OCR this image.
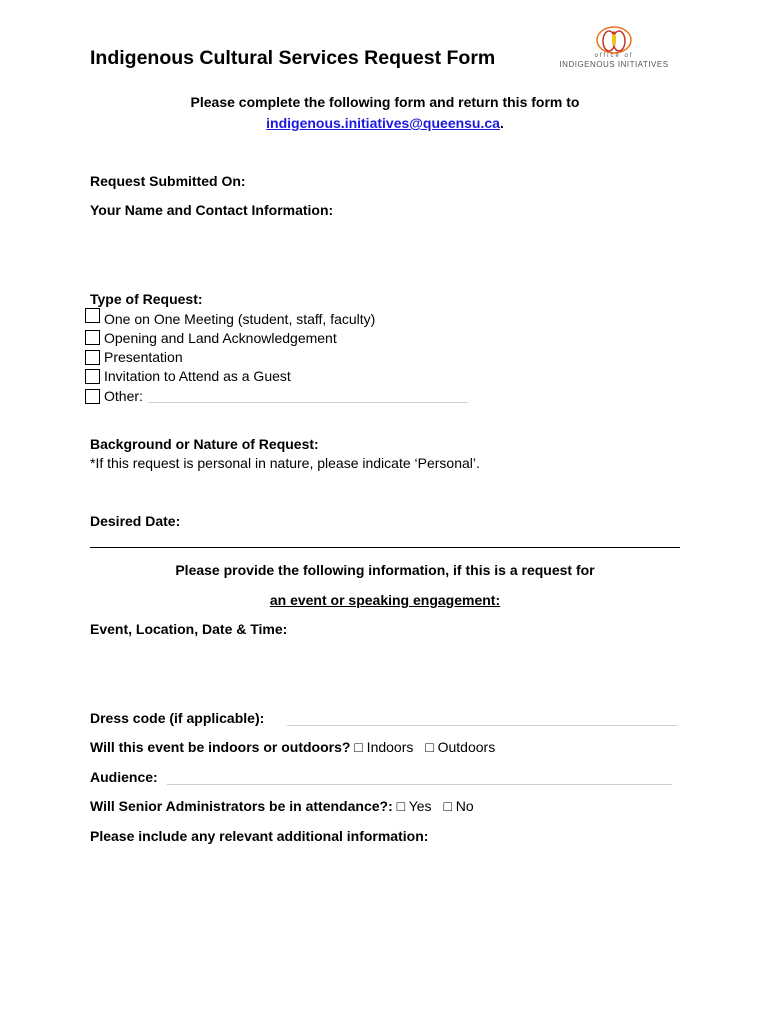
Indigenous Cultural Services Request Form	office of
INDIGENOUS INITIATIVES
Please complete the following form and return this form to
indigenous.initiatives@queensu.ca.
Request Submitted On:
Your Name and Contact Information:
Type of Request:
One on One Meeting (student, staff, faculty)
Opening and Land Acknowledgement
Presentation
Invitation to Attend as a Guest
Other:
Background or Nature of Request:
*If this request is personal in nature, please indicate ‘Personal’.
Desired Date:
Please provide the following information, if this is a request for
an event or speaking engagement:
Event, Location, Date & Time:
Dress code (if applicable):
Will this event be indoors or outdoors? □ Indoors □ Outdoors
Audience:
Will Senior Administrators be in attendance?: □ Yes □ No
Please include any relevant additional information:
